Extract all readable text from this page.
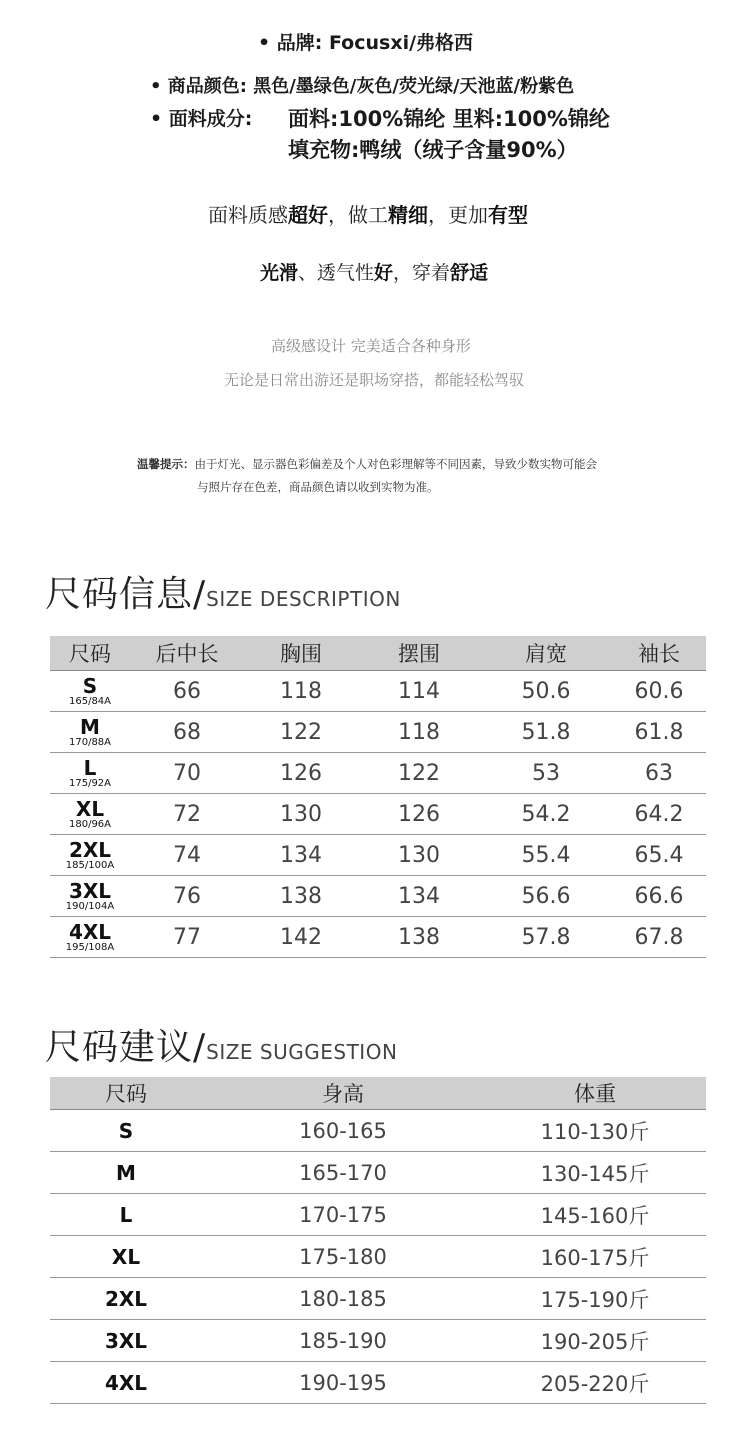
• 品牌: Focusxi/弗格西
• 商品颜色: 黑色/墨绿色/灰色/荧光绿/天池蓝/粉紫色
• 面料成分: 面料:100%锦纶 里料:100%锦纶
填充物:鸭绒（绒子含量90%）
面料质感超好，做工精细，更加有型
光滑、透气性好，穿着舒适
高级感设计 完美适合各种身形
无论是日常出游还是职场穿搭，都能轻松驾驭
温馨提示：由于灯光、显示器色彩偏差及个人对色彩理解等不同因素，导致少数实物可能会
与照片存在色差，商品颜色请以收到实物为准。
尺码信息/SIZE DESCRIPTION
尺码	后中长	胸围	摆围	肩宽	袖长

S
165/84A	66	118	114	50.6	60.6

M
170/88A	68	122	118	51.8	61.8

L
175/92A	70	126	122	53	63

XL
180/96A	72	130	126	54.2	64.2

2XL
185/100A	74	134	130	55.4	65.4

3XL
190/104A	76	138	134	56.6	66.6

4XL
195/108A	77	142	138	57.8	67.8
尺码建议/SIZE SUGGESTION
尺码	身高	体重
S	160-165	110-130斤
M	165-170	130-145斤
L	170-175	145-160斤
XL	175-180	160-175斤
2XL	180-185	175-190斤
3XL	185-190	190-205斤
4XL	190-195	205-220斤
